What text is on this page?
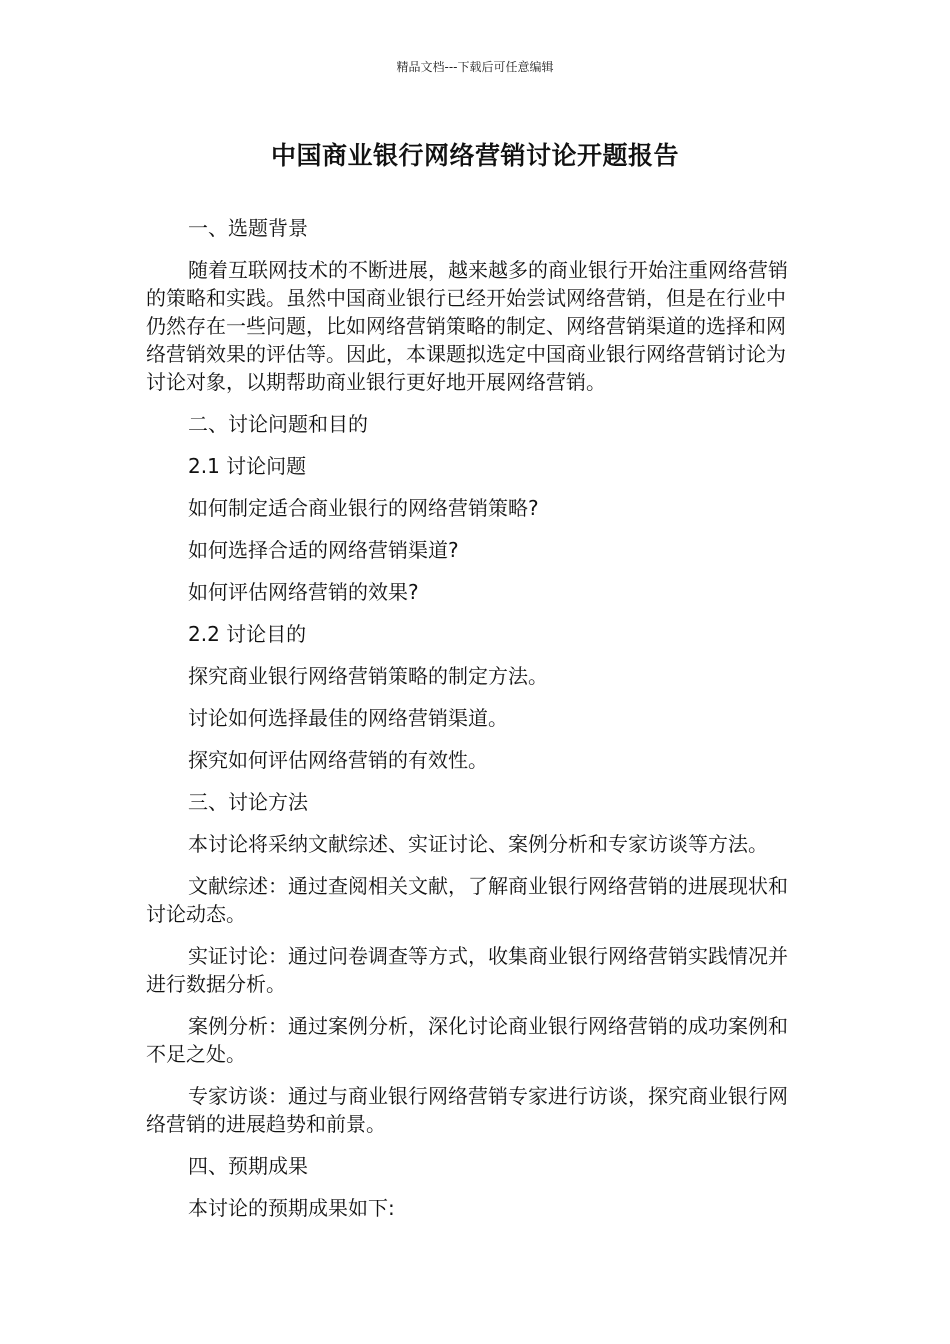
精品文档---下载后可任意编辑
中国商业银行网络营销讨论开题报告

一、选题背景

随着互联网技术的不断进展，越来越多的商业银行开始注重网络营销的策略和实践。虽然中国商业银行已经开始尝试网络营销，但是在行业中仍然存在一些问题，比如网络营销策略的制定、网络营销渠道的选择和网络营销效果的评估等。因此，本课题拟选定中国商业银行网络营销讨论为讨论对象，以期帮助商业银行更好地开展网络营销。

二、讨论问题和目的

2.1 讨论问题

如何制定适合商业银行的网络营销策略?

如何选择合适的网络营销渠道?

如何评估网络营销的效果?

2.2 讨论目的

探究商业银行网络营销策略的制定方法。

讨论如何选择最佳的网络营销渠道。

探究如何评估网络营销的有效性。

三、讨论方法

本讨论将采纳文献综述、实证讨论、案例分析和专家访谈等方法。

文献综述：通过查阅相关文献，了解商业银行网络营销的进展现状和讨论动态。

实证讨论：通过问卷调查等方式，收集商业银行网络营销实践情况并进行数据分析。

案例分析：通过案例分析，深化讨论商业银行网络营销的成功案例和不足之处。

专家访谈：通过与商业银行网络营销专家进行访谈，探究商业银行网络营销的进展趋势和前景。

四、预期成果

本讨论的预期成果如下:
